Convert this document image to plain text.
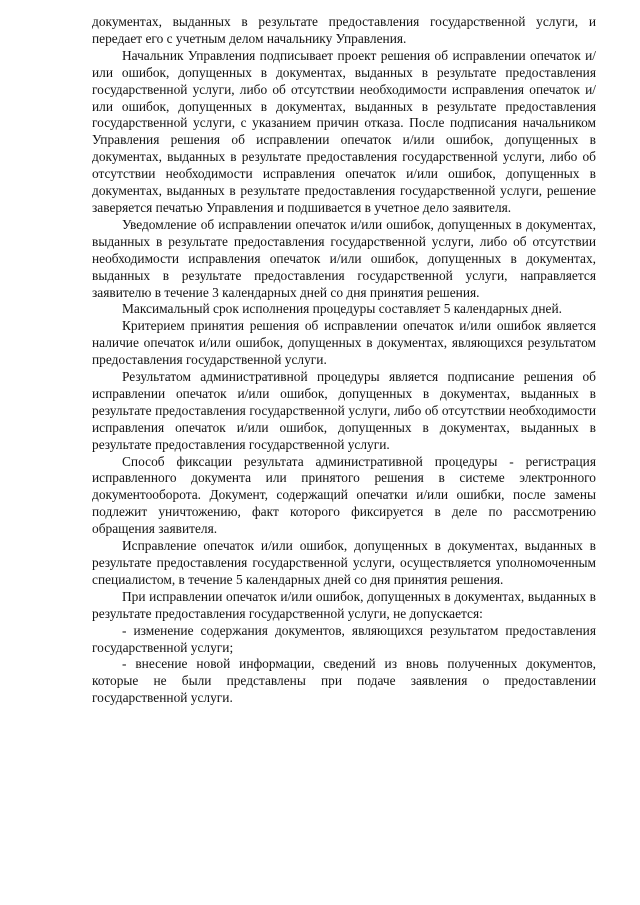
документах, выданных в результате предоставления государственной услуги, и передает его с учетным делом начальнику Управления.

Начальник Управления подписывает проект решения об исправлении опечаток и/или ошибок, допущенных в документах, выданных в результате предоставления государственной услуги, либо об отсутствии необходимости исправления опечаток и/или ошибок, допущенных в документах, выданных в результате предоставления государственной услуги, с указанием причин отказа. После подписания начальником Управления решения об исправлении опечаток и/или ошибок, допущенных в документах, выданных в результате предоставления государственной услуги, либо об отсутствии необходимости исправления опечаток и/или ошибок, допущенных в документах, выданных в результате предоставления государственной услуги, решение заверяется печатью Управления и подшивается в учетное дело заявителя.

Уведомление об исправлении опечаток и/или ошибок, допущенных в документах, выданных в результате предоставления государственной услуги, либо об отсутствии необходимости исправления опечаток и/или ошибок, допущенных в документах, выданных в результате предоставления государственной услуги, направляется заявителю в течение 3 календарных дней со дня принятия решения.

Максимальный срок исполнения процедуры составляет 5 календарных дней.

Критерием принятия решения об исправлении опечаток и/или ошибок является наличие опечаток и/или ошибок, допущенных в документах, являющихся результатом предоставления государственной услуги.

Результатом административной процедуры является подписание решения об исправлении опечаток и/или ошибок, допущенных в документах, выданных в результате предоставления государственной услуги, либо об отсутствии необходимости исправления опечаток и/или ошибок, допущенных в документах, выданных в результате предоставления государственной услуги.

Способ фиксации результата административной процедуры - регистрация исправленного документа или принятого решения в системе электронного документооборота. Документ, содержащий опечатки и/или ошибки, после замены подлежит уничтожению, факт которого фиксируется в деле по рассмотрению обращения заявителя.

Исправление опечаток и/или ошибок, допущенных в документах, выданных в результате предоставления государственной услуги, осуществляется уполномоченным специалистом, в течение 5 календарных дней со дня принятия решения.

При исправлении опечаток и/или ошибок, допущенных в документах, выданных в результате предоставления государственной услуги, не допускается:

- изменение содержания документов, являющихся результатом предоставления государственной услуги;

- внесение новой информации, сведений из вновь полученных документов, которые не были представлены при подаче заявления о предоставлении государственной услуги.
